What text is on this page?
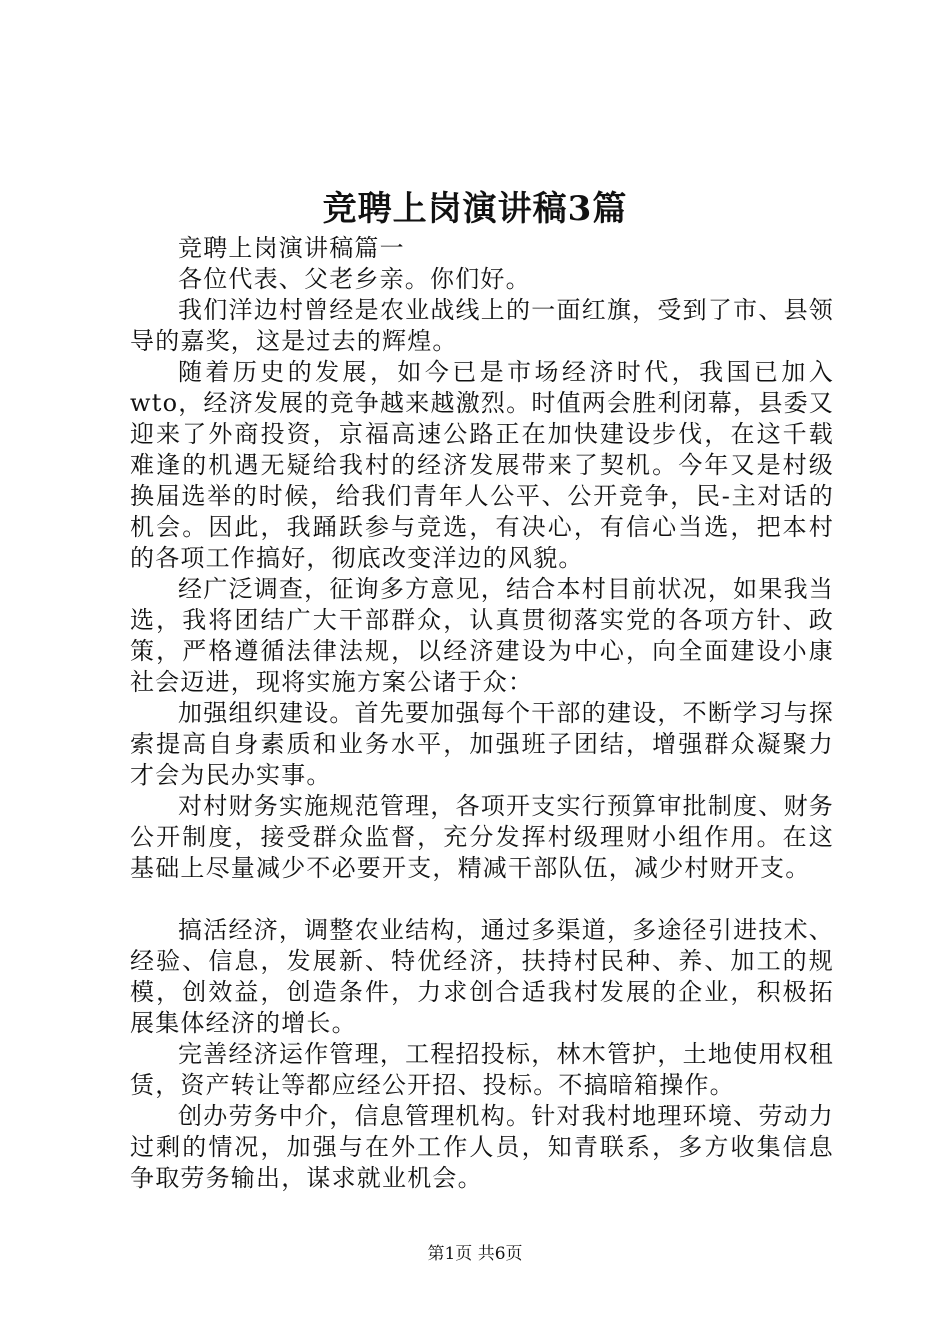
竞聘上岗演讲稿3篇

竞聘上岗演讲稿篇一

各位代表、父老乡亲。你们好。

我们洋边村曾经是农业战线上的一面红旗，受到了市、县领导的嘉奖，这是过去的辉煌。

随着历史的发展，如今已是市场经济时代，我国已加入wto，经济发展的竞争越来越激烈。时值两会胜利闭幕，县委又迎来了外商投资，京福高速公路正在加快建设步伐，在这千载难逢的机遇无疑给我村的经济发展带来了契机。今年又是村级换届选举的时候，给我们青年人公平、公开竞争，民-主对话的机会。因此，我踊跃参与竞选，有决心，有信心当选，把本村的各项工作搞好，彻底改变洋边的风貌。

经广泛调查，征询多方意见，结合本村目前状况，如果我当选，我将团结广大干部群众，认真贯彻落实党的各项方针、政策，严格遵循法律法规，以经济建设为中心，向全面建设小康社会迈进，现将实施方案公诸于众：

加强组织建设。首先要加强每个干部的建设，不断学习与探索提高自身素质和业务水平，加强班子团结，增强群众凝聚力才会为民办实事。

对村财务实施规范管理，各项开支实行预算审批制度、财务公开制度，接受群众监督，充分发挥村级理财小组作用。在这基础上尽量减少不必要开支，精减干部队伍，减少村财开支。

搞活经济，调整农业结构，通过多渠道，多途径引进技术、经验、信息，发展新、特优经济，扶持村民种、养、加工的规模，创效益，创造条件，力求创合适我村发展的企业，积极拓展集体经济的增长。

完善经济运作管理，工程招投标，林木管护，土地使用权租赁，资产转让等都应经公开招、投标。不搞暗箱操作。

创办劳务中介，信息管理机构。针对我村地理环境、劳动力过剩的情况，加强与在外工作人员，知青联系，多方收集信息争取劳务输出，谋求就业机会。

第1页 共6页
